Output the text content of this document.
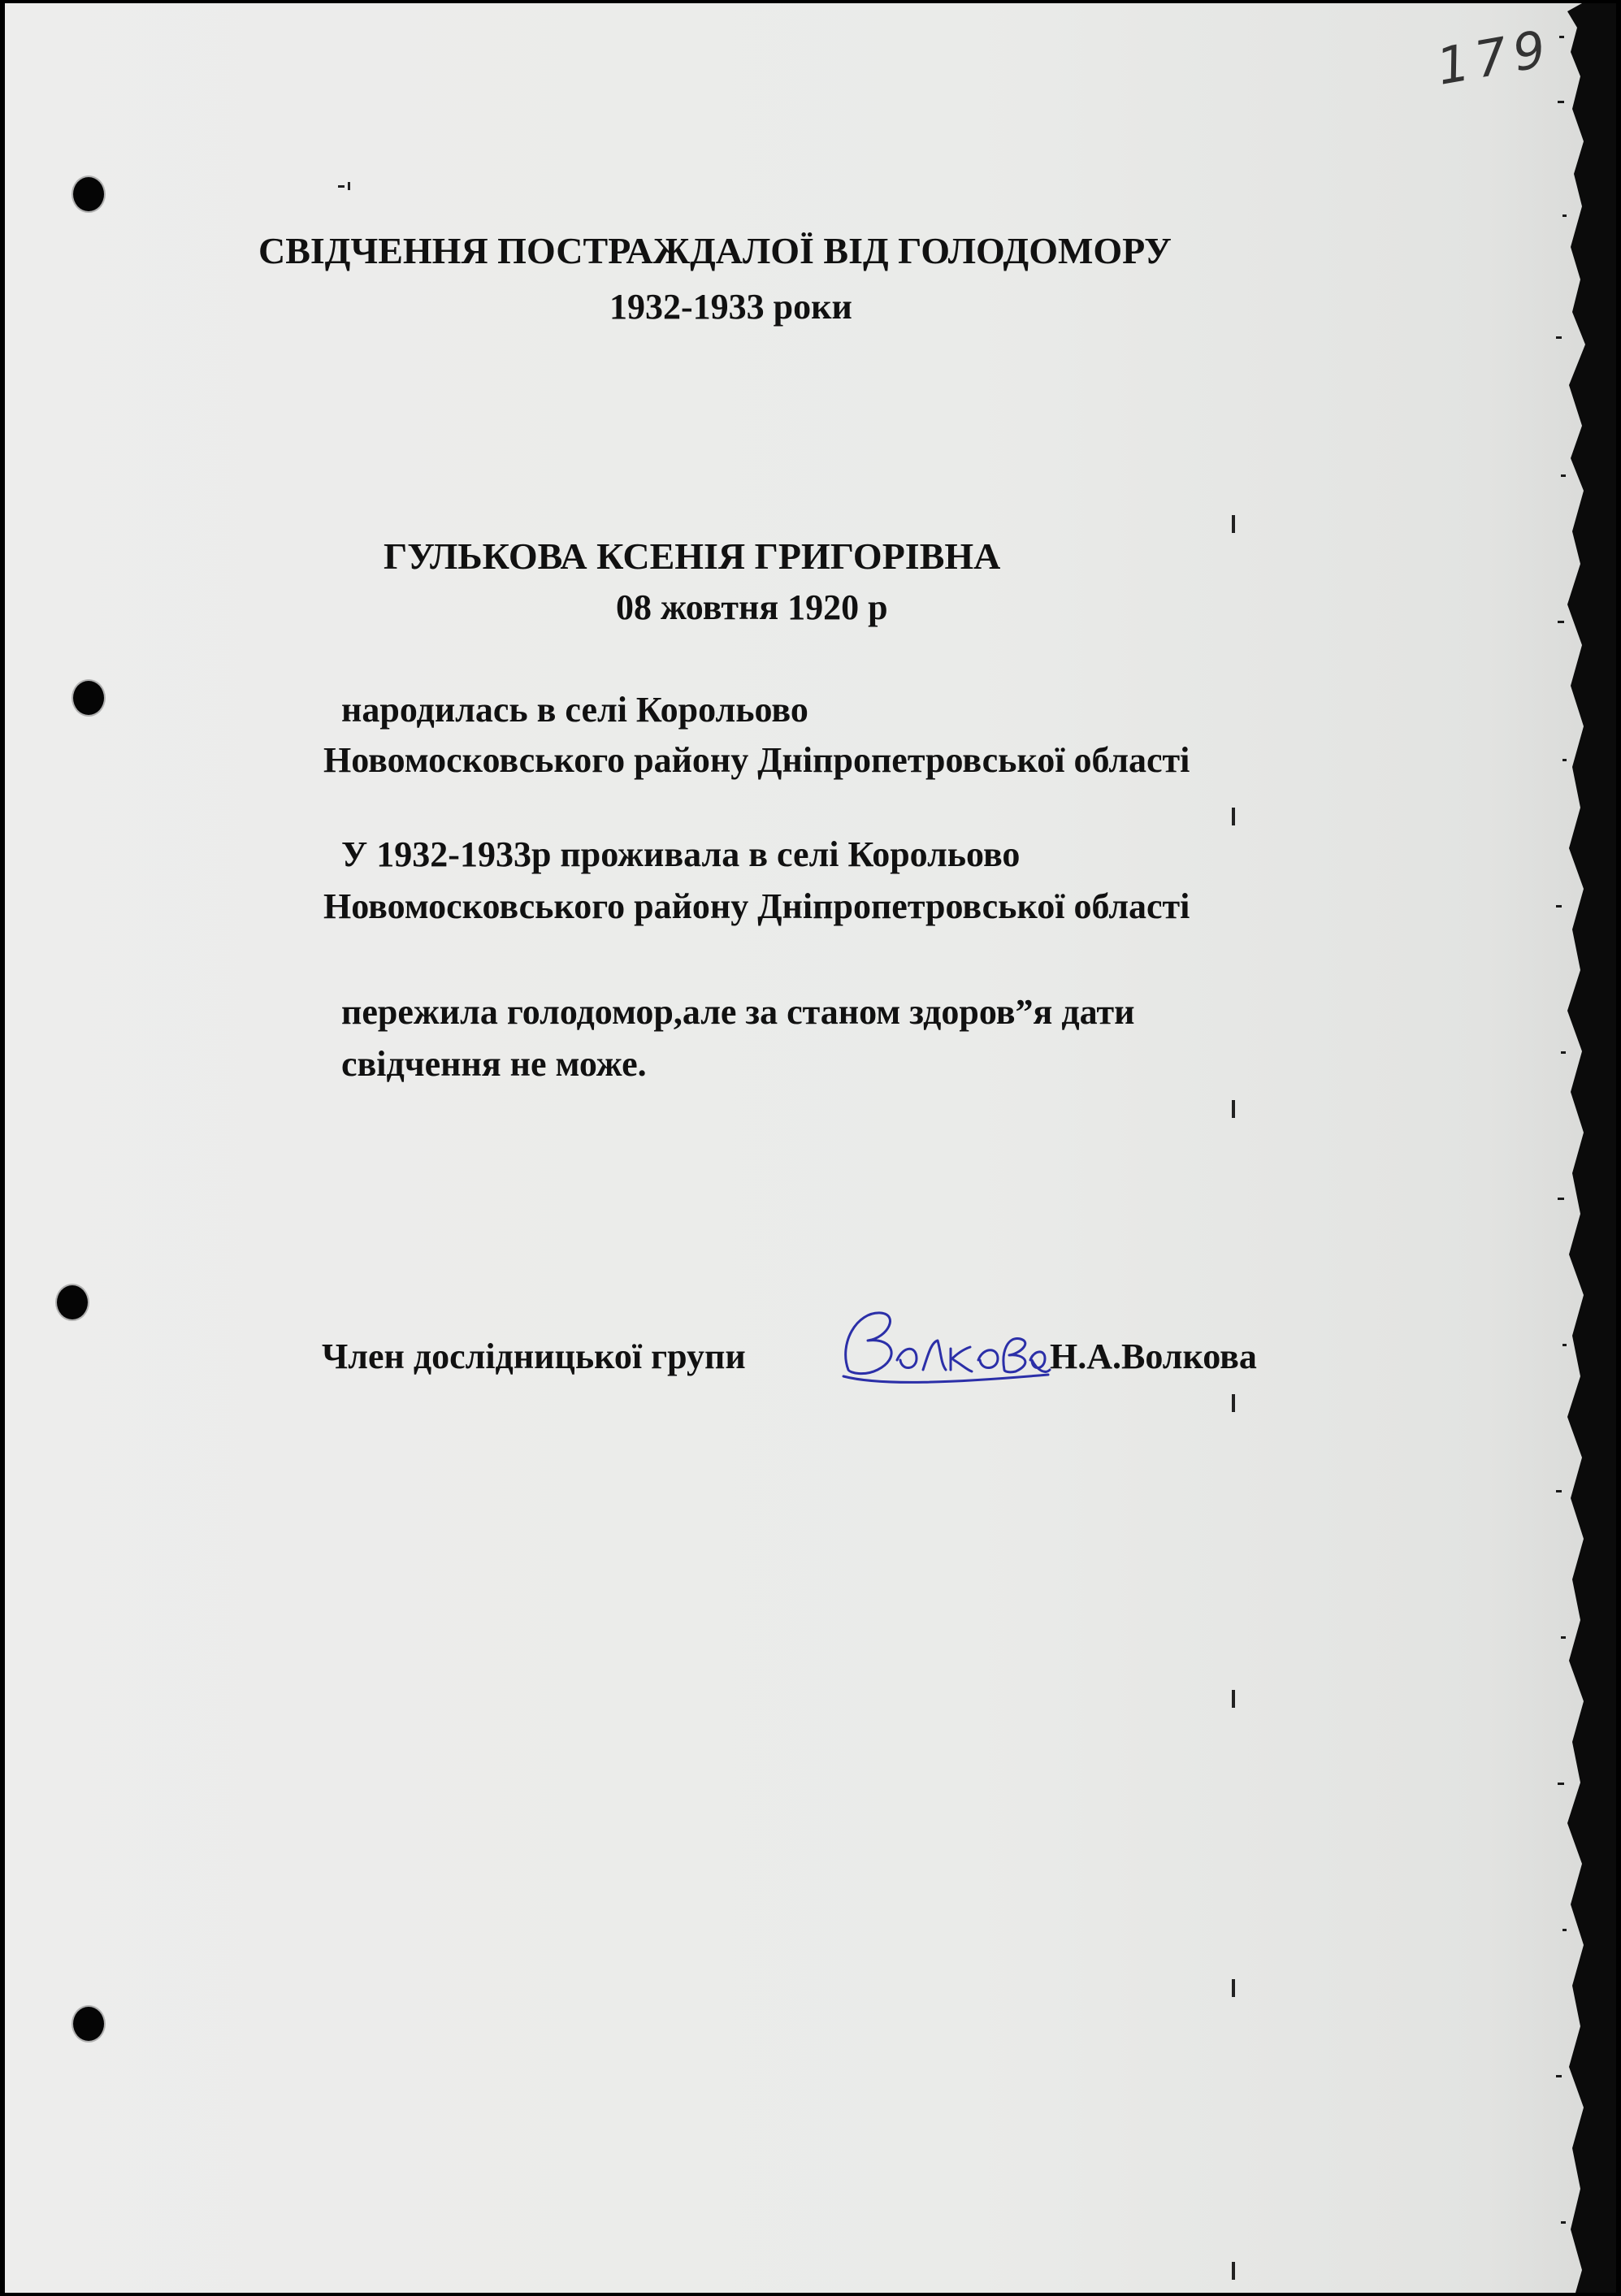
179
СВІДЧЕННЯ ПОСТРАЖДАЛОЇ ВІД ГОЛОДОМОРУ
1932-1933 роки
ГУЛЬКОВА КСЕНІЯ ГРИГОРІВНА
08 жовтня 1920 р
народилась в селі Корольово
Новомосковського району Дніпропетровської області
У 1932-1933р проживала в селі Корольово
Новомосковського району Дніпропетровської області
пережила голодомор,але за станом здоров”я дати
свідчення не може.
Член дослідницької групи	Н.А.Волкова
